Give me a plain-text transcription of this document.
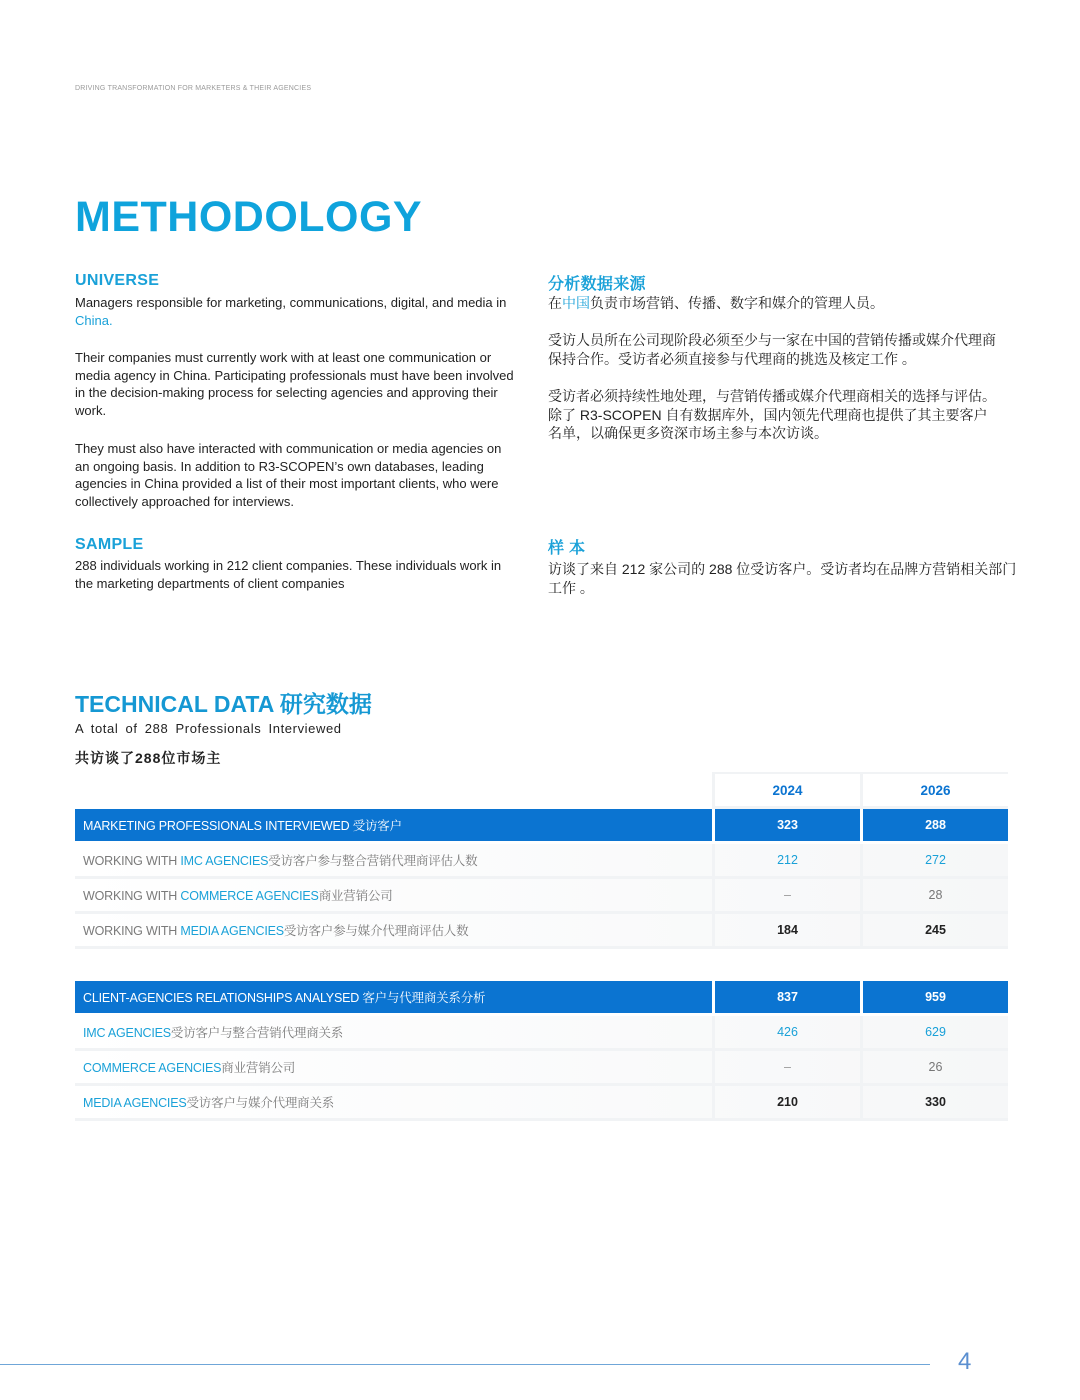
DRIVING TRANSFORMATION FOR MARKETERS & THEIR AGENCIES
METHODOLOGY
UNIVERSE
Managers responsible for marketing, communications, digital, and media in China.
Their companies must currently work with at least one communication or media agency in China. Participating professionals must have been involved in the decision-making process for selecting agencies and approving their work.
They must also have interacted with communication or media agencies on an ongoing basis. In addition to R3-SCOPEN’s own databases, leading agencies in China provided a list of their most important clients, who were collectively approached for interviews.
分析数据来源
在中国负责市场营销、传播、数字和媒介的管理人员。
受访人员所在公司现阶段必须至少与一家在中国的营销传播或媒介代理商保持合作。受访者必须直接参与代理商的挑选及核定工作 。
受访者必须持续性地处理，与营销传播或媒介代理商相关的选择与评估。除了 R3-SCOPEN 自有数据库外，国内领先代理商也提供了其主要客户名单，以确保更多资深市场主参与本次访谈。
SAMPLE
288 individuals working in 212 client companies. These individuals work in the marketing departments of client companies
样 本
访谈了来自 212 家公司的 288 位受访客户。受访者均在品牌方营销相关部门工作 。
TECHNICAL DATA 研究数据
A total of 288 Professionals Interviewed
共访谈了288位市场主
	2024	2026
MARKETING PROFESSIONALS INTERVIEWED 受访客户	323	288
WORKING WITH IMC AGENCIES受访客户参与整合营销代理商评估人数	212	272
WORKING WITH COMMERCE AGENCIES商业营销公司	–	28
WORKING WITH MEDIA AGENCIES受访客户参与媒介代理商评估人数	184	245
CLIENT-AGENCIES RELATIONSHIPS ANALYSED 客户与代理商关系分析	837	959
IMC AGENCIES受访客户与整合营销代理商关系	426	629
COMMERCE AGENCIES商业营销公司	–	26
MEDIA AGENCIES受访客户与媒介代理商关系	210	330
4
